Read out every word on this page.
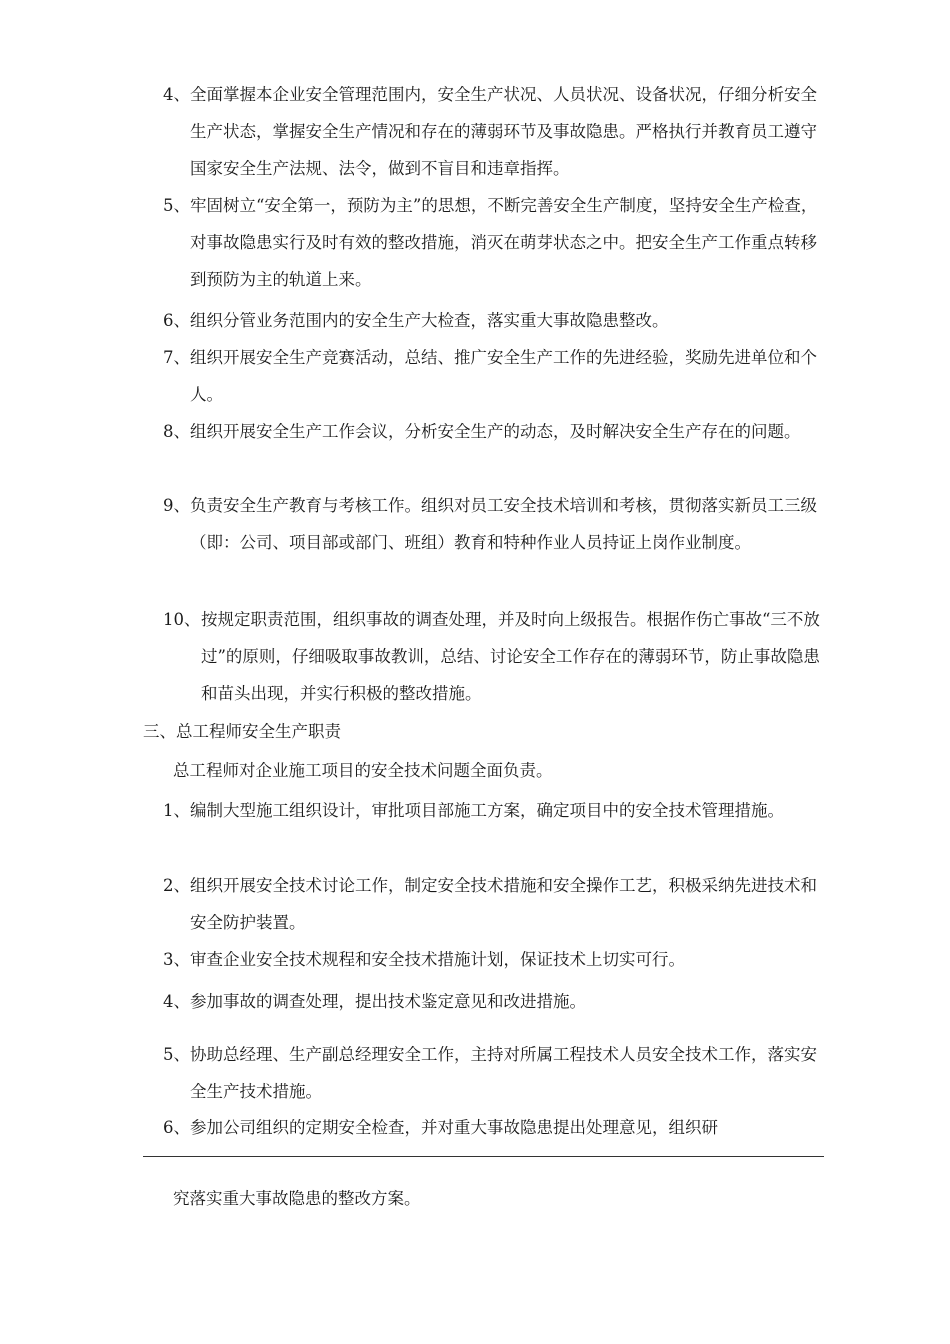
4、 全面掌握本企业安全管理范围内，安全生产状况、人员状况、设备状况，仔细分析安全生产状态，掌握安全生产情况和存在的薄弱环节及事故隐患。严格执行并教育员工遵守国家安全生产法规、法令，做到不盲目和违章指挥。
5、 牢固树立“安全第一，预防为主”的思想，不断完善安全生产制度，坚持安全生产检查，对事故隐患实行及时有效的整改措施，消灭在萌芽状态之中。把安全生产工作重点转移到预防为主的轨道上来。
6、 组织分管业务范围内的安全生产大检查，落实重大事故隐患整改。
7、 组织开展安全生产竞赛活动，总结、推广安全生产工作的先进经验，奖励先进单位和个人。
8、 组织开展安全生产工作会议，分析安全生产的动态，及时解决安全生产存在的问题。
9、 负责安全生产教育与考核工作。组织对员工安全技术培训和考核，贯彻落实新员工三级（即：公司、项目部或部门、班组）教育和特种作业人员持证上岗作业制度。
10、 按规定职责范围，组织事故的调查处理，并及时向上级报告。根据作伤亡事故“三不放过”的原则，仔细吸取事故教训，总结、讨论安全工作存在的薄弱环节，防止事故隐患和苗头出现，并实行积极的整改措施。
三、总工程师安全生产职责
总工程师对企业施工项目的安全技术问题全面负责。
1、 编制大型施工组织设计，审批项目部施工方案，确定项目中的安全技术管理措施。
2、 组织开展安全技术讨论工作，制定安全技术措施和安全操作工艺，积极采纳先进技术和安全防护装置。
3、 审查企业安全技术规程和安全技术措施计划，保证技术上切实可行。
4、 参加事故的调查处理，提出技术鉴定意见和改进措施。
5、 协助总经理、生产副总经理安全工作，主持对所属工程技术人员安全技术工作，落实安全生产技术措施。
6、 参加公司组织的定期安全检查，并对重大事故隐患提出处理意见，组织研
究落实重大事故隐患的整改方案。
